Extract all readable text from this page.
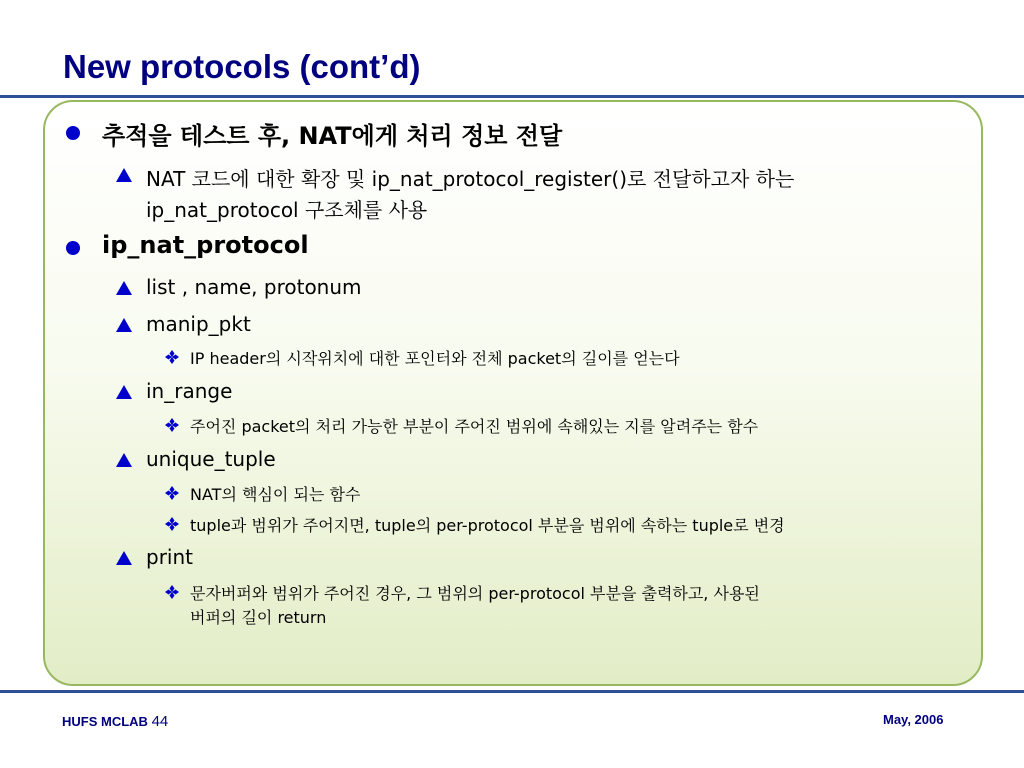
New protocols (cont’d)

추적을 테스트 후, NAT에게 처리 정보 전달

NAT 코드에 대한 확장 및 ip_nat_protocol_register()로 전달하고자 하는

ip_nat_protocol 구조체를 사용

ip_nat_protocol

list , name, protonum

manip_pkt

IP header의 시작위치에 대한 포인터와 전체 packet의 길이를 얻는다

in_range

주어진 packet의 처리 가능한 부분이 주어진 범위에 속해있는 지를 알려주는 함수

unique_tuple

NAT의 핵심이 되는 함수

tuple과 범위가 주어지면, tuple의 per-protocol 부분을 범위에 속하는 tuple로 변경

print

문자버퍼와 범위가 주어진 경우, 그 범위의 per-protocol 부분을 출력하고, 사용된

버퍼의 길이 return

HUFS MCLAB 44	May, 2006
